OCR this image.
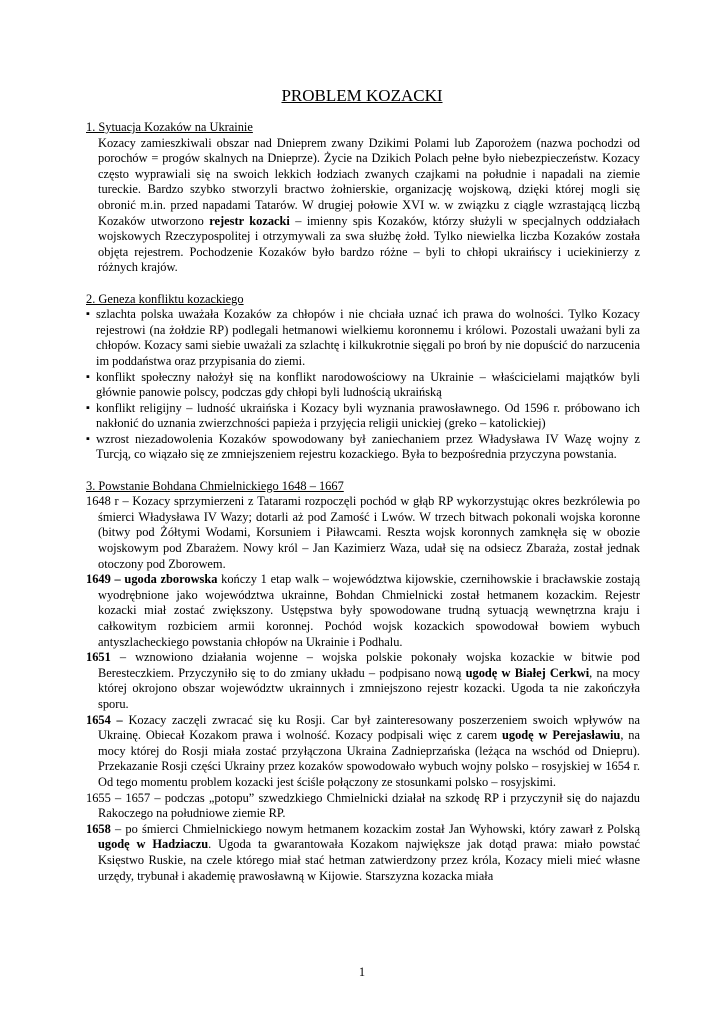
PROBLEM KOZACKI

1. Sytuacja Kozaków na Ukrainie

Kozacy zamieszkiwali obszar nad Dnieprem zwany Dzikimi Polami lub Zaporożem (nazwa pochodzi od porochów = progów skalnych na Dnieprze). Życie na Dzikich Polach pełne było niebezpieczeństw. Kozacy często wyprawiali się na swoich lekkich łodziach zwanych czajkami na południe i napadali na ziemie tureckie. Bardzo szybko stworzyli bractwo żołnierskie, organizację wojskową, dzięki której mogli się obronić m.in. przed napadami Tatarów. W drugiej połowie XVI w. w związku z ciągle wzrastającą liczbą Kozaków utworzono rejestr kozacki – imienny spis Kozaków, którzy służyli w specjalnych oddziałach wojskowych Rzeczypospolitej i otrzymywali za swa służbę żołd. Tylko niewielka liczba Kozaków została objęta rejestrem. Pochodzenie Kozaków było bardzo różne – byli to chłopi ukraińscy i uciekinierzy z różnych krajów.

2. Geneza konfliktu kozackiego

▪ szlachta polska uważała Kozaków za chłopów i nie chciała uznać ich prawa do wolności. Tylko Kozacy rejestrowi (na żołdzie RP) podlegali hetmanowi wielkiemu koronnemu i królowi. Pozostali uważani byli za chłopów. Kozacy sami siebie uważali za szlachtę i kilkukrotnie sięgali po broń by nie dopuścić do narzucenia im poddaństwa oraz przypisania do ziemi.
▪ konflikt społeczny nałożył się na konflikt narodowościowy na Ukrainie – właścicielami majątków byli głównie panowie polscy, podczas gdy chłopi byli ludnością ukraińską
▪ konflikt religijny – ludność ukraińska i Kozacy byli wyznania prawosławnego. Od 1596 r. próbowano ich nakłonić do uznania zwierzchności papieża i przyjęcia religii unickiej (greko – katolickiej)
▪ wzrost niezadowolenia Kozaków spowodowany był zaniechaniem przez Władysława IV Wazę wojny z Turcją, co wiązało się ze zmniejszeniem rejestru kozackiego. Była to bezpośrednia przyczyna powstania.

3. Powstanie Bohdana Chmielnickiego 1648 – 1667

1648 r – Kozacy sprzymierzeni z Tatarami rozpoczęli pochód w głąb RP wykorzystując okres bezkrólewia po śmierci Władysława IV Wazy; dotarli aż pod Zamość i Lwów. W trzech bitwach pokonali wojska koronne (bitwy pod Żółtymi Wodami, Korsuniem i Piławcami. Reszta wojsk koronnych zamknęła się w obozie wojskowym pod Zbarażem. Nowy król – Jan Kazimierz Waza, udał się na odsiecz Zbaraża, został jednak otoczony pod Zborowem.

1649 – ugoda zborowska kończy 1 etap walk – województwa kijowskie, czernihowskie i bracławskie zostają wyodrębnione jako województwa ukrainne, Bohdan Chmielnicki został hetmanem kozackim. Rejestr kozacki miał zostać zwiększony. Ustępstwa były spowodowane trudną sytuacją wewnętrzna kraju i całkowitym rozbiciem armii koronnej. Pochód wojsk kozackich spowodował bowiem wybuch antyszlacheckiego powstania chłopów na Ukrainie i Podhalu.

1651 – wznowiono działania wojenne – wojska polskie pokonały wojska kozackie w bitwie pod Beresteczkiem. Przyczyniło się to do zmiany układu – podpisano nową ugodę w Białej Cerkwi, na mocy której okrojono obszar województw ukrainnych i zmniejszono rejestr kozacki. Ugoda ta nie zakończyła sporu.

1654 – Kozacy zaczęli zwracać się ku Rosji. Car był zainteresowany poszerzeniem swoich wpływów na Ukrainę. Obiecał Kozakom prawa i wolność. Kozacy podpisali więc z carem ugodę w Perejasławiu, na mocy której do Rosji miała zostać przyłączona Ukraina Zadnieprzańska (leżąca na wschód od Dniepru). Przekazanie Rosji części Ukrainy przez kozaków spowodowało wybuch wojny polsko – rosyjskiej w 1654 r. Od tego momentu problem kozacki jest ściśle połączony ze stosunkami polsko – rosyjskimi.

1655 – 1657 – podczas „potopu” szwedzkiego Chmielnicki działał na szkodę RP i przyczynił się do najazdu Rakoczego na południowe ziemie RP.

1658 – po śmierci Chmielnickiego nowym hetmanem kozackim został Jan Wyhowski, który zawarł z Polską ugodę w Hadziaczu. Ugoda ta gwarantowała Kozakom największe jak dotąd prawa: miało powstać Księstwo Ruskie, na czele którego miał stać hetman zatwierdzony przez króla, Kozacy mieli mieć własne urzędy, trybunał i akademię prawosławną w Kijowie. Starszyzna kozacka miała

1
